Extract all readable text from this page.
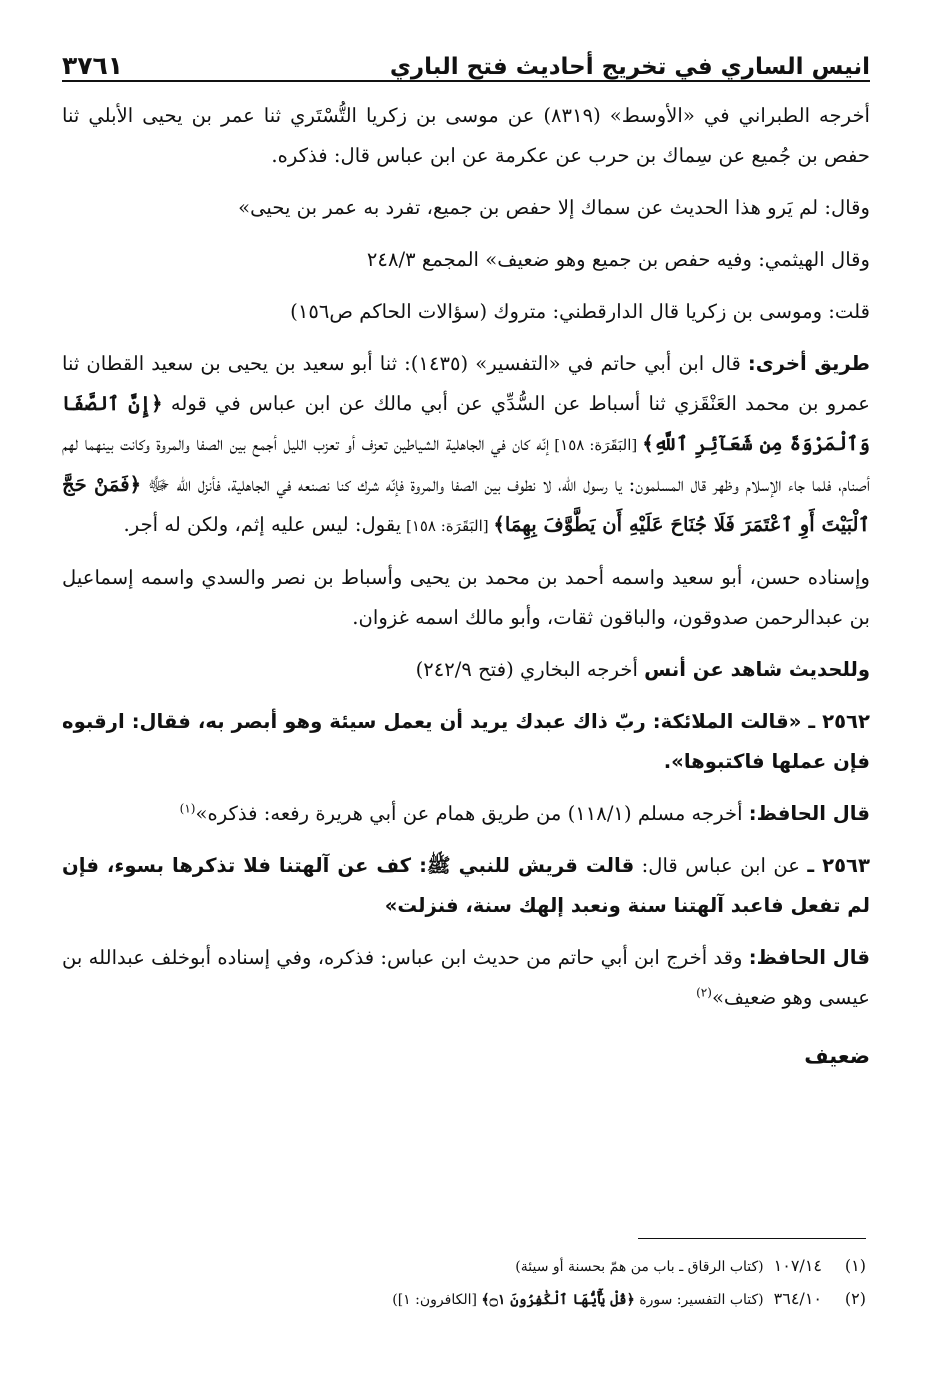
انيس الساري في تخريج أحاديث فتح الباري
٣٧٦١

أخرجه الطبراني في «الأوسط» (٨٣١٩) عن موسى بن زكريا التُّسْتَري ثنا عمر بن يحيى الأبلي ثنا حفص بن جُميع عن سِماك بن حرب عن عكرمة عن ابن عباس قال: فذكره.

وقال: لم يَرو هذا الحديث عن سماك إلا حفص بن جميع، تفرد به عمر بن يحيى»

وقال الهيثمي: وفيه حفص بن جميع وهو ضعيف» المجمع ٢٤٨/٣

قلت: وموسى بن زكريا قال الدارقطني: متروك (سؤالات الحاكم ص١٥٦)

طريق أخرى: قال ابن أبي حاتم في «التفسير» (١٤٣٥): ثنا أبو سعيد بن يحيى بن سعيد القطان ثنا عمرو بن محمد العَنْقَزي ثنا أسباط عن السُّدِّي عن أبي مالك عن ابن عباس في قوله ﴿إِنَّ ٱلصَّفَا وَٱلْمَرْوَةَ مِن شَعَآئِرِ ٱللَّهِ﴾ [البَقَرَة: ١٥٨] إنّه كان في الجاهلية الشياطين تعزف أو تعزب الليل أجمع بين الصفا والمروة وكانت بينهما لهم أصنام، فلما جاء الإسلام وظهر قال المسلمون: يا رسول الله، لا نطوف بين الصفا والمروة فإنّه شرك كنا نصنعه في الجاهلية، فأنزل الله ﷻ ﴿فَمَنْ حَجَّ ٱلْبَيْتَ أَوِ ٱعْتَمَرَ فَلَا جُنَاحَ عَلَيْهِ أَن يَطَّوَّفَ بِهِمَا﴾ [البَقَرَة: ١٥٨] يقول: ليس عليه إثم، ولكن له أجر.

وإسناده حسن، أبو سعيد واسمه أحمد بن محمد بن يحيى وأسباط بن نصر والسدي واسمه إسماعيل بن عبدالرحمن صدوقون، والباقون ثقات، وأبو مالك اسمه غزوان.

وللحديث شاهد عن أنس أخرجه البخاري (فتح ٢٤٢/٩)

٢٥٦٢ ـ «قالت الملائكة: ربّ ذاك عبدك يريد أن يعمل سيئة وهو أبصر به، فقال: ارقبوه فإن عملها فاكتبوها».

قال الحافظ: أخرجه مسلم (١١٨/١) من طريق همام عن أبي هريرة رفعه: فذكره»$^{(١)}$

٢٥٦٣ ـ عن ابن عباس قال: قالت قريش للنبي ﷺ: كف عن آلهتنا فلا تذكرها بسوء، فإن لم تفعل فاعبد آلهتنا سنة ونعبد إلهك سنة، فنزلت»

قال الحافظ: وقد أخرج ابن أبي حاتم من حديث ابن عباس: فذكره، وفي إسناده أبوخلف عبدالله بن عيسى وهو ضعيف»$^{(٢)}$

ضعيف
(١)١٠٧/١٤(كتاب الرقاق ـ باب من همّ بحسنة أو سيئة)
(٢)٣٦٤/١٠(كتاب التفسير: سورة ﴿قُلْ يَٰٓأَيُّهَا ٱلْكَٰفِرُونَ ۝١﴾ [الكافرون: ١])
